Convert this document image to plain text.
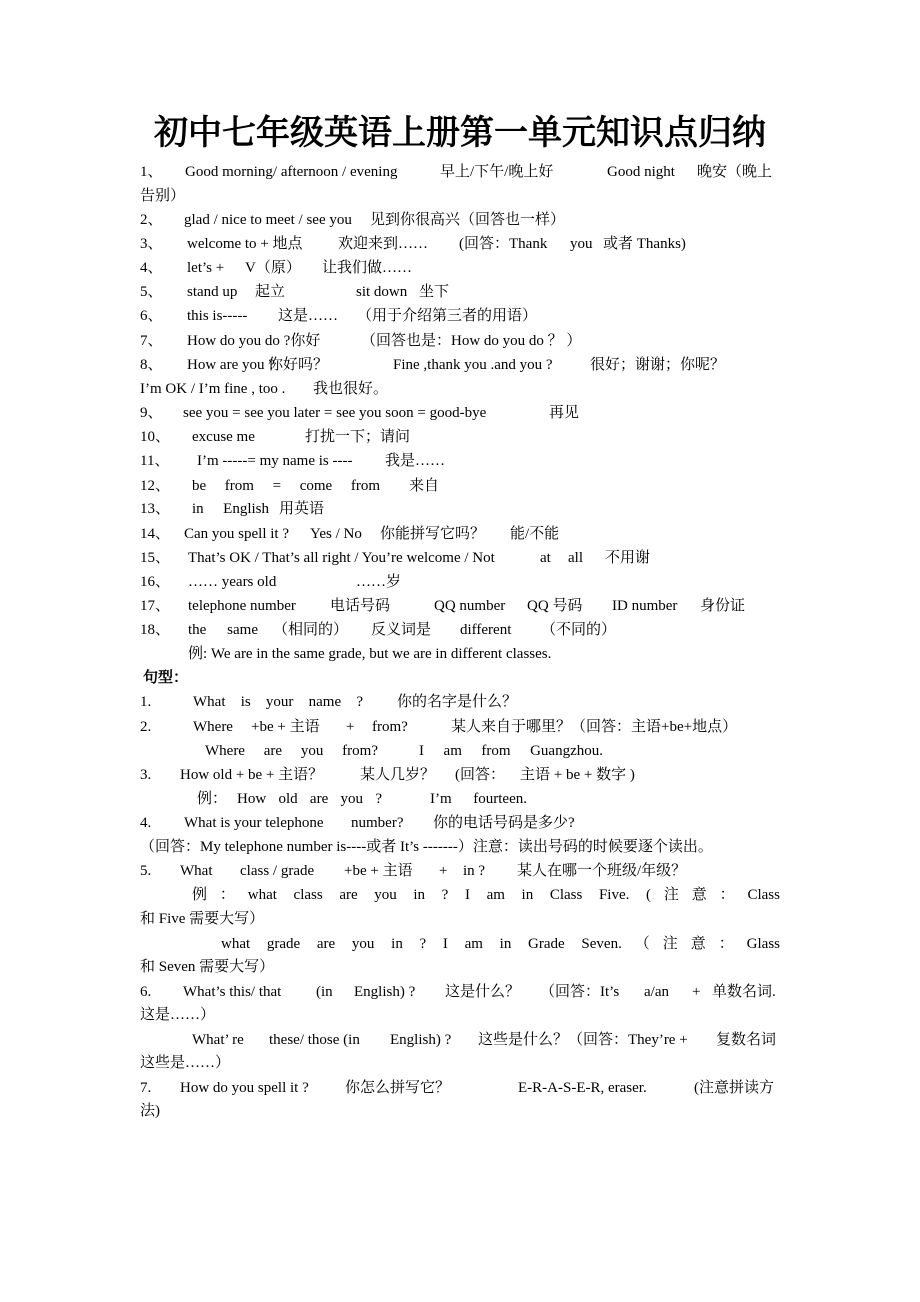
初中七年级英语上册第一单元知识点归纳
1、 Good morning/ afternoon / evening	早上/下午/晚上好	Good night 晚安（晚上
告别）
2、 glad / nice to meet / see you 见到你很高兴 （回答也一样）
3、 welcome to + 地点 欢迎来到…… (回答：Thank you 或者 Thanks)
4、 let’s + V（原） 让我们做……
5、 stand up 起立	sit down 坐下
6、 this is----- 这是…… （用于介绍第三者的用语）
7、 How do you do ?你好	（回答也是：How do you do ？ ）
8、 How are you ?
你好吗？	Fine ,thank you .and you ? 很好；谢谢；你呢？
I’m OK / I’m fine , too . 我也很好。
9、 see you = see you later = see you soon = good-bye	再见
10、 excuse me	打扰一下；请问
11、 I’m -----= my name is ---- 我是……
12、 be from = come from 来自
13、 in English 用英语
14、 Can you spell it ? Yes / No 你能拼写它吗？ 能/不能
15、 That’s OK / That’s all right / You’re welcome / Not	at all 不用谢
16、 …… years old	……岁
17、 telephone number 电话号码	QQ number QQ 号码 ID number 身份证
18、 the same （相同的） 反义词是 different （不同的）
例: We are in the same grade, but we are in different classes.
句型：
1.	What is your name ? 你的名字是什么？
2.	Where +be + 主语 + from?	某人来自于哪里？（回答：主语+be+地点）
Where are you from?	I am from Guangzhou.
3. How old + be + 主语？ 某人几岁？ (回答： 主语 + be + 数字 )
例： How old are you ?	I’m fourteen.
4. What is your telephone number? 你的电话号码是多少?
（回答：My telephone number is----或者 It’s -------）注意：读出号码的时候要逐个读出。
5. What class / grade +be + 主语 + in ? 某人在哪一个班级/年级？
例：what class are you in ? I am in Class Five. (注意：Class
和 Five 需要大写）
what grade are you in ? I am in Grade Seven.（注意：Glass
和 Seven 需要大写）
6. What’s this/ that (in English) ? 这是什么？ （回答：It’s a/an + 单数名词.
这是……）
What’ re these/ those (in English) ? 这些是什么？（回答：They’re + 复数名词
这些是……）
7. How do you spell it ? 你怎么拼写它？	E-R-A-S-E-R, eraser.	(注意拼读方
法)
